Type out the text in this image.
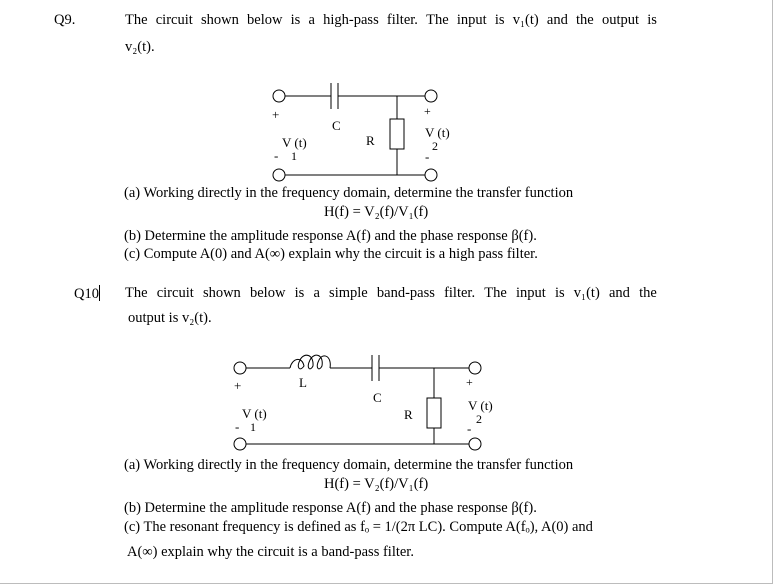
Q9.	The circuit shown below is a high-pass filter. The input is v₁(t) and the output is
v₂(t).
+
C
V (t)
- 1
R
+
V (t)
2
-
+	L
C
V (t)
- 1
R
+
V (t)
2
-
(a) Working directly in the frequency domain, determine the transfer function
H(f) = V₂(f)/V₁(f)
(b) Determine the amplitude response A(f) and the phase response β(f).
(c) Compute A(0) and A(∞) explain why the circuit is a high pass filter.
Q10 The circuit shown below is a simple band-pass filter. The input is v₁(t) and the
output is v₂(t).
(a) Working directly in the frequency domain, determine the transfer function
H(f) = V₂(f)/V₁(f)
(b) Determine the amplitude response A(f) and the phase response β(f).
(c) The resonant frequency is defined as fₒ = 1/(2π LC). Compute A(fₒ), A(0) and
A(∞) explain why the circuit is a band-pass filter.
